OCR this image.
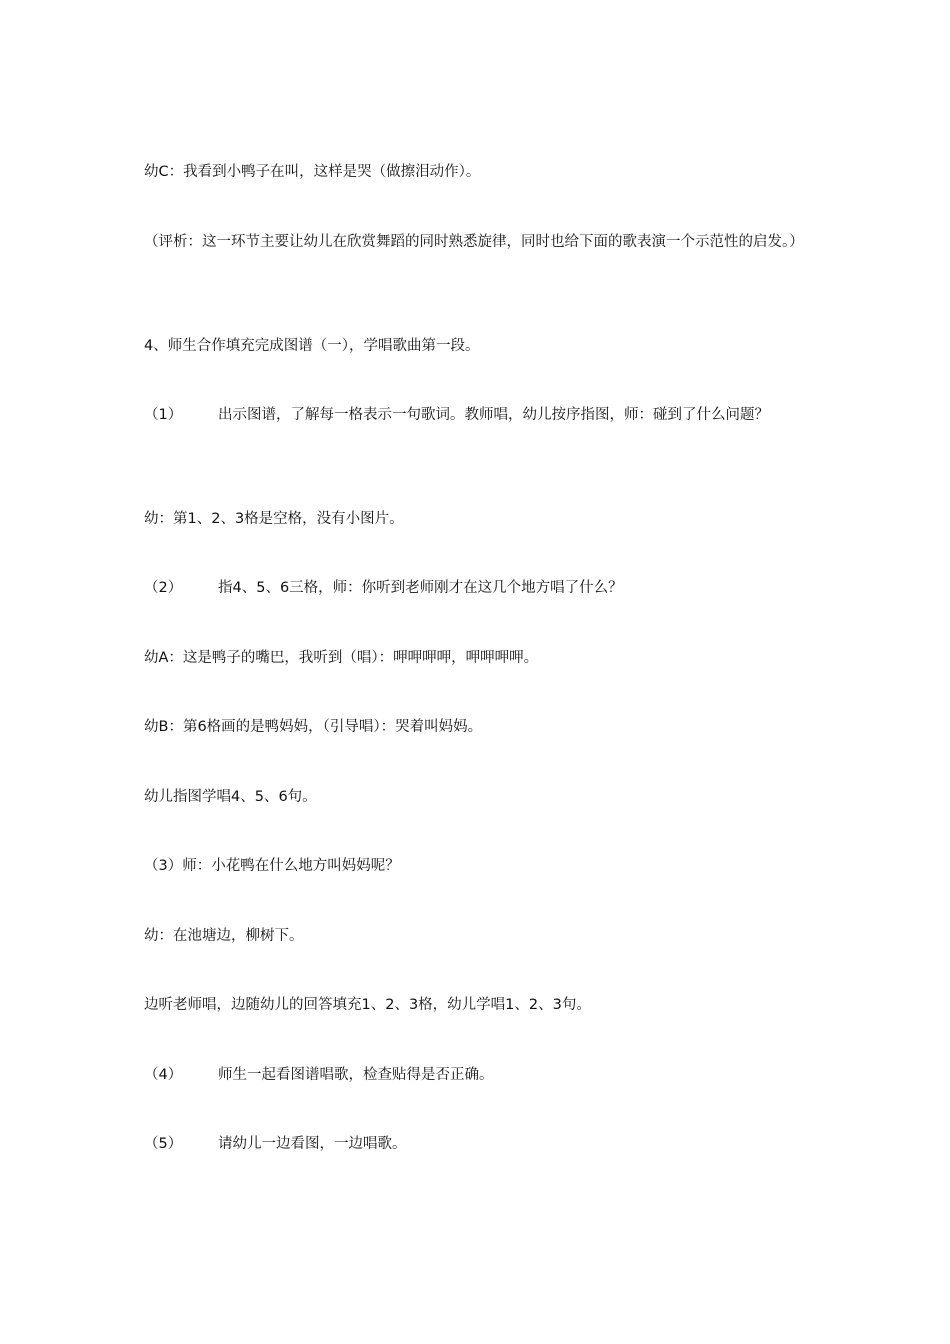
幼C：我看到小鸭子在叫，这样是哭（做擦泪动作）。

（评析：这一环节主要让幼儿在欣赏舞蹈的同时熟悉旋律，同时也给下面的歌表演一个示范性的启发。）

4、师生合作填充完成图谱（一），学唱歌曲第一段。

（1） 出示图谱，了解每一格表示一句歌词。教师唱，幼儿按序指图，师：碰到了什么问题？

幼：第1、2、3格是空格，没有小图片。

（2） 指4、5、6三格，师：你听到老师刚才在这几个地方唱了什么？

幼A：这是鸭子的嘴巴，我听到（唱）：呷呷呷呷，呷呷呷呷。

幼B：第6格画的是鸭妈妈，（引导唱）：哭着叫妈妈。

幼儿指图学唱4、5、6句。

（3）师：小花鸭在什么地方叫妈妈呢？

幼：在池塘边，柳树下。

边听老师唱，边随幼儿的回答填充1、2、3格，幼儿学唱1、2、3句。

（4） 师生一起看图谱唱歌，检查贴得是否正确。

（5） 请幼儿一边看图，一边唱歌。
